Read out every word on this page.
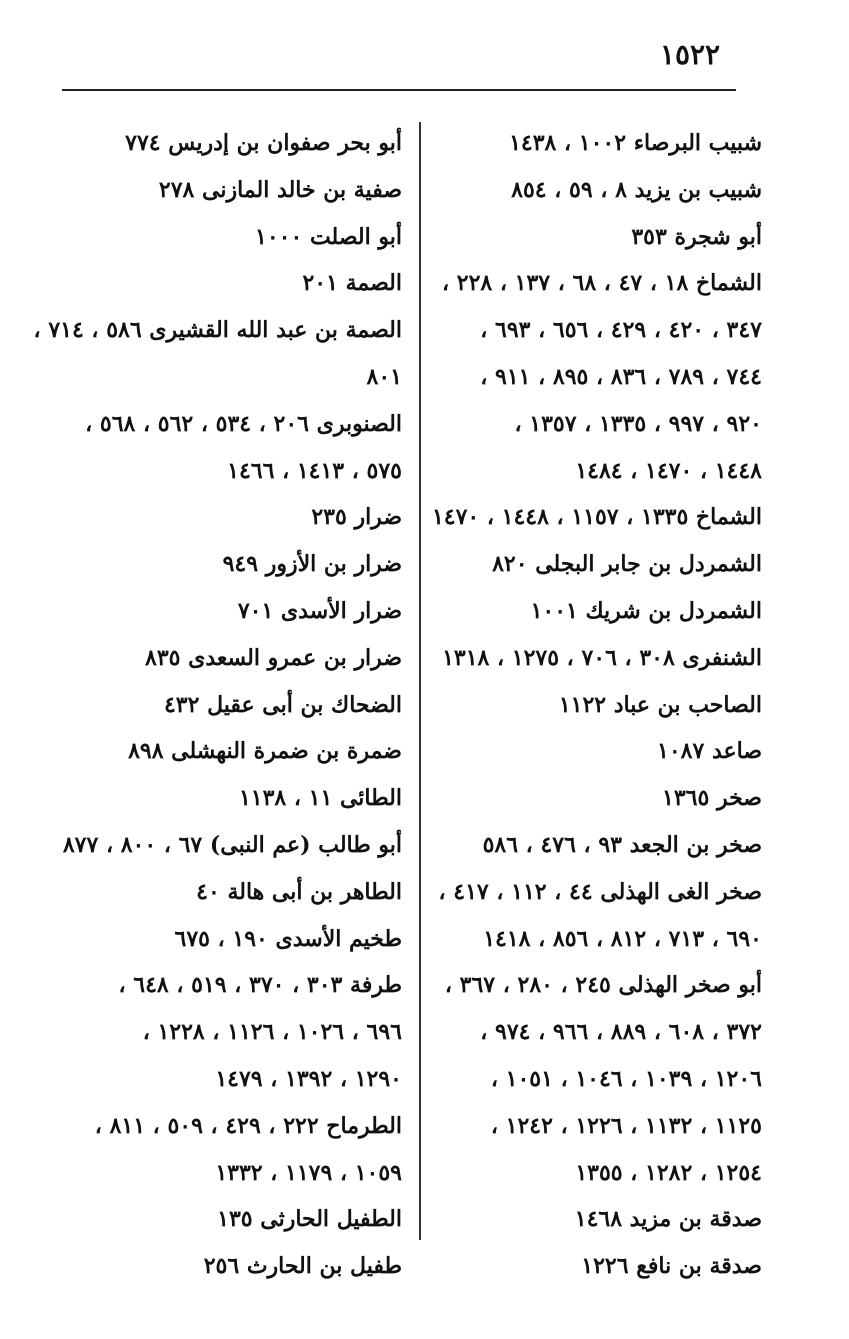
١٥٢٢
شبيب البرصاء ١٠٠٢ ، ١٤٣٨
شبيب بن يزيد ٨ ، ٥٩ ، ٨٥٤
أبو شجرة ٣٥٣
الشماخ ١٨ ، ٤٧ ، ٦٨ ، ١٣٧ ، ٢٢٨ ،
٣٤٧ ، ٤٢٠ ، ٤٢٩ ، ٦٥٦ ، ٦٩٣ ،
٧٤٤ ، ٧٨٩ ، ٨٣٦ ، ٨٩٥ ، ٩١١ ،
٩٢٠ ، ٩٩٧ ، ١٣٣٥ ، ١٣٥٧ ،
١٤٤٨ ، ١٤٧٠ ، ١٤٨٤
الشماخ ١٣٣٥ ، ١١٥٧ ، ١٤٤٨ ، ١٤٧٠
الشمردل بن جابر البجلى ٨٢٠
الشمردل بن شريك ١٠٠١
الشنفرى ٣٠٨ ، ٧٠٦ ، ١٢٧٥ ، ١٣١٨
الصاحب بن عباد ١١٢٢
صاعد ١٠٨٧
صخر ١٣٦٥
صخر بن الجعد ٩٣ ، ٤٧٦ ، ٥٨٦
صخر الغى الهذلى ٤٤ ، ١١٢ ، ٤١٧ ،
٦٩٠ ، ٧١٣ ، ٨١٢ ، ٨٥٦ ، ١٤١٨
أبو صخر الهذلى ٢٤٥ ، ٢٨٠ ، ٣٦٧ ،
٣٧٢ ، ٦٠٨ ، ٨٨٩ ، ٩٦٦ ، ٩٧٤ ،
١٢٠٦ ، ١٠٣٩ ، ١٠٤٦ ، ١٠٥١ ،
١١٢٥ ، ١١٣٢ ، ١٢٢٦ ، ١٢٤٢ ،
١٢٥٤ ، ١٢٨٢ ، ١٣٥٥
صدقة بن مزيد ١٤٦٨
صدقة بن نافع ١٢٢٦
أبو بحر صفوان بن إدريس ٧٧٤
صفية بن خالد المازنى ٢٧٨
أبو الصلت ١٠٠٠
الصمة ٢٠١
الصمة بن عبد الله القشيرى ٥٨٦ ، ٧١٤ ،
٨٠١
الصنوبرى ٢٠٦ ، ٥٣٤ ، ٥٦٢ ، ٥٦٨ ،
٥٧٥ ، ١٤١٣ ، ١٤٦٦
ضرار ٢٣٥
ضرار بن الأزور ٩٤٩
ضرار الأسدى ٧٠١
ضرار بن عمرو السعدى ٨٣٥
الضحاك بن أبى عقيل ٤٣٢
ضمرة بن ضمرة النهشلى ٨٩٨
الطائى ١١ ، ١١٣٨
أبو طالب (عم النبى) ٦٧ ، ٨٠٠ ، ٨٧٧
الطاهر بن أبى هالة ٤٠
طخيم الأسدى ١٩٠ ، ٦٧٥
طرفة ٣٠٣ ، ٣٧٠ ، ٥١٩ ، ٦٤٨ ،
٦٩٦ ، ١٠٢٦ ، ١١٢٦ ، ١٢٢٨ ،
١٢٩٠ ، ١٣٩٢ ، ١٤٧٩
الطرماح ٢٢٢ ، ٤٢٩ ، ٥٠٩ ، ٨١١ ،
١٠٥٩ ، ١١٧٩ ، ١٣٣٢
الطفيل الحارثى ١٣٥
طفيل بن الحارث ٢٥٦
